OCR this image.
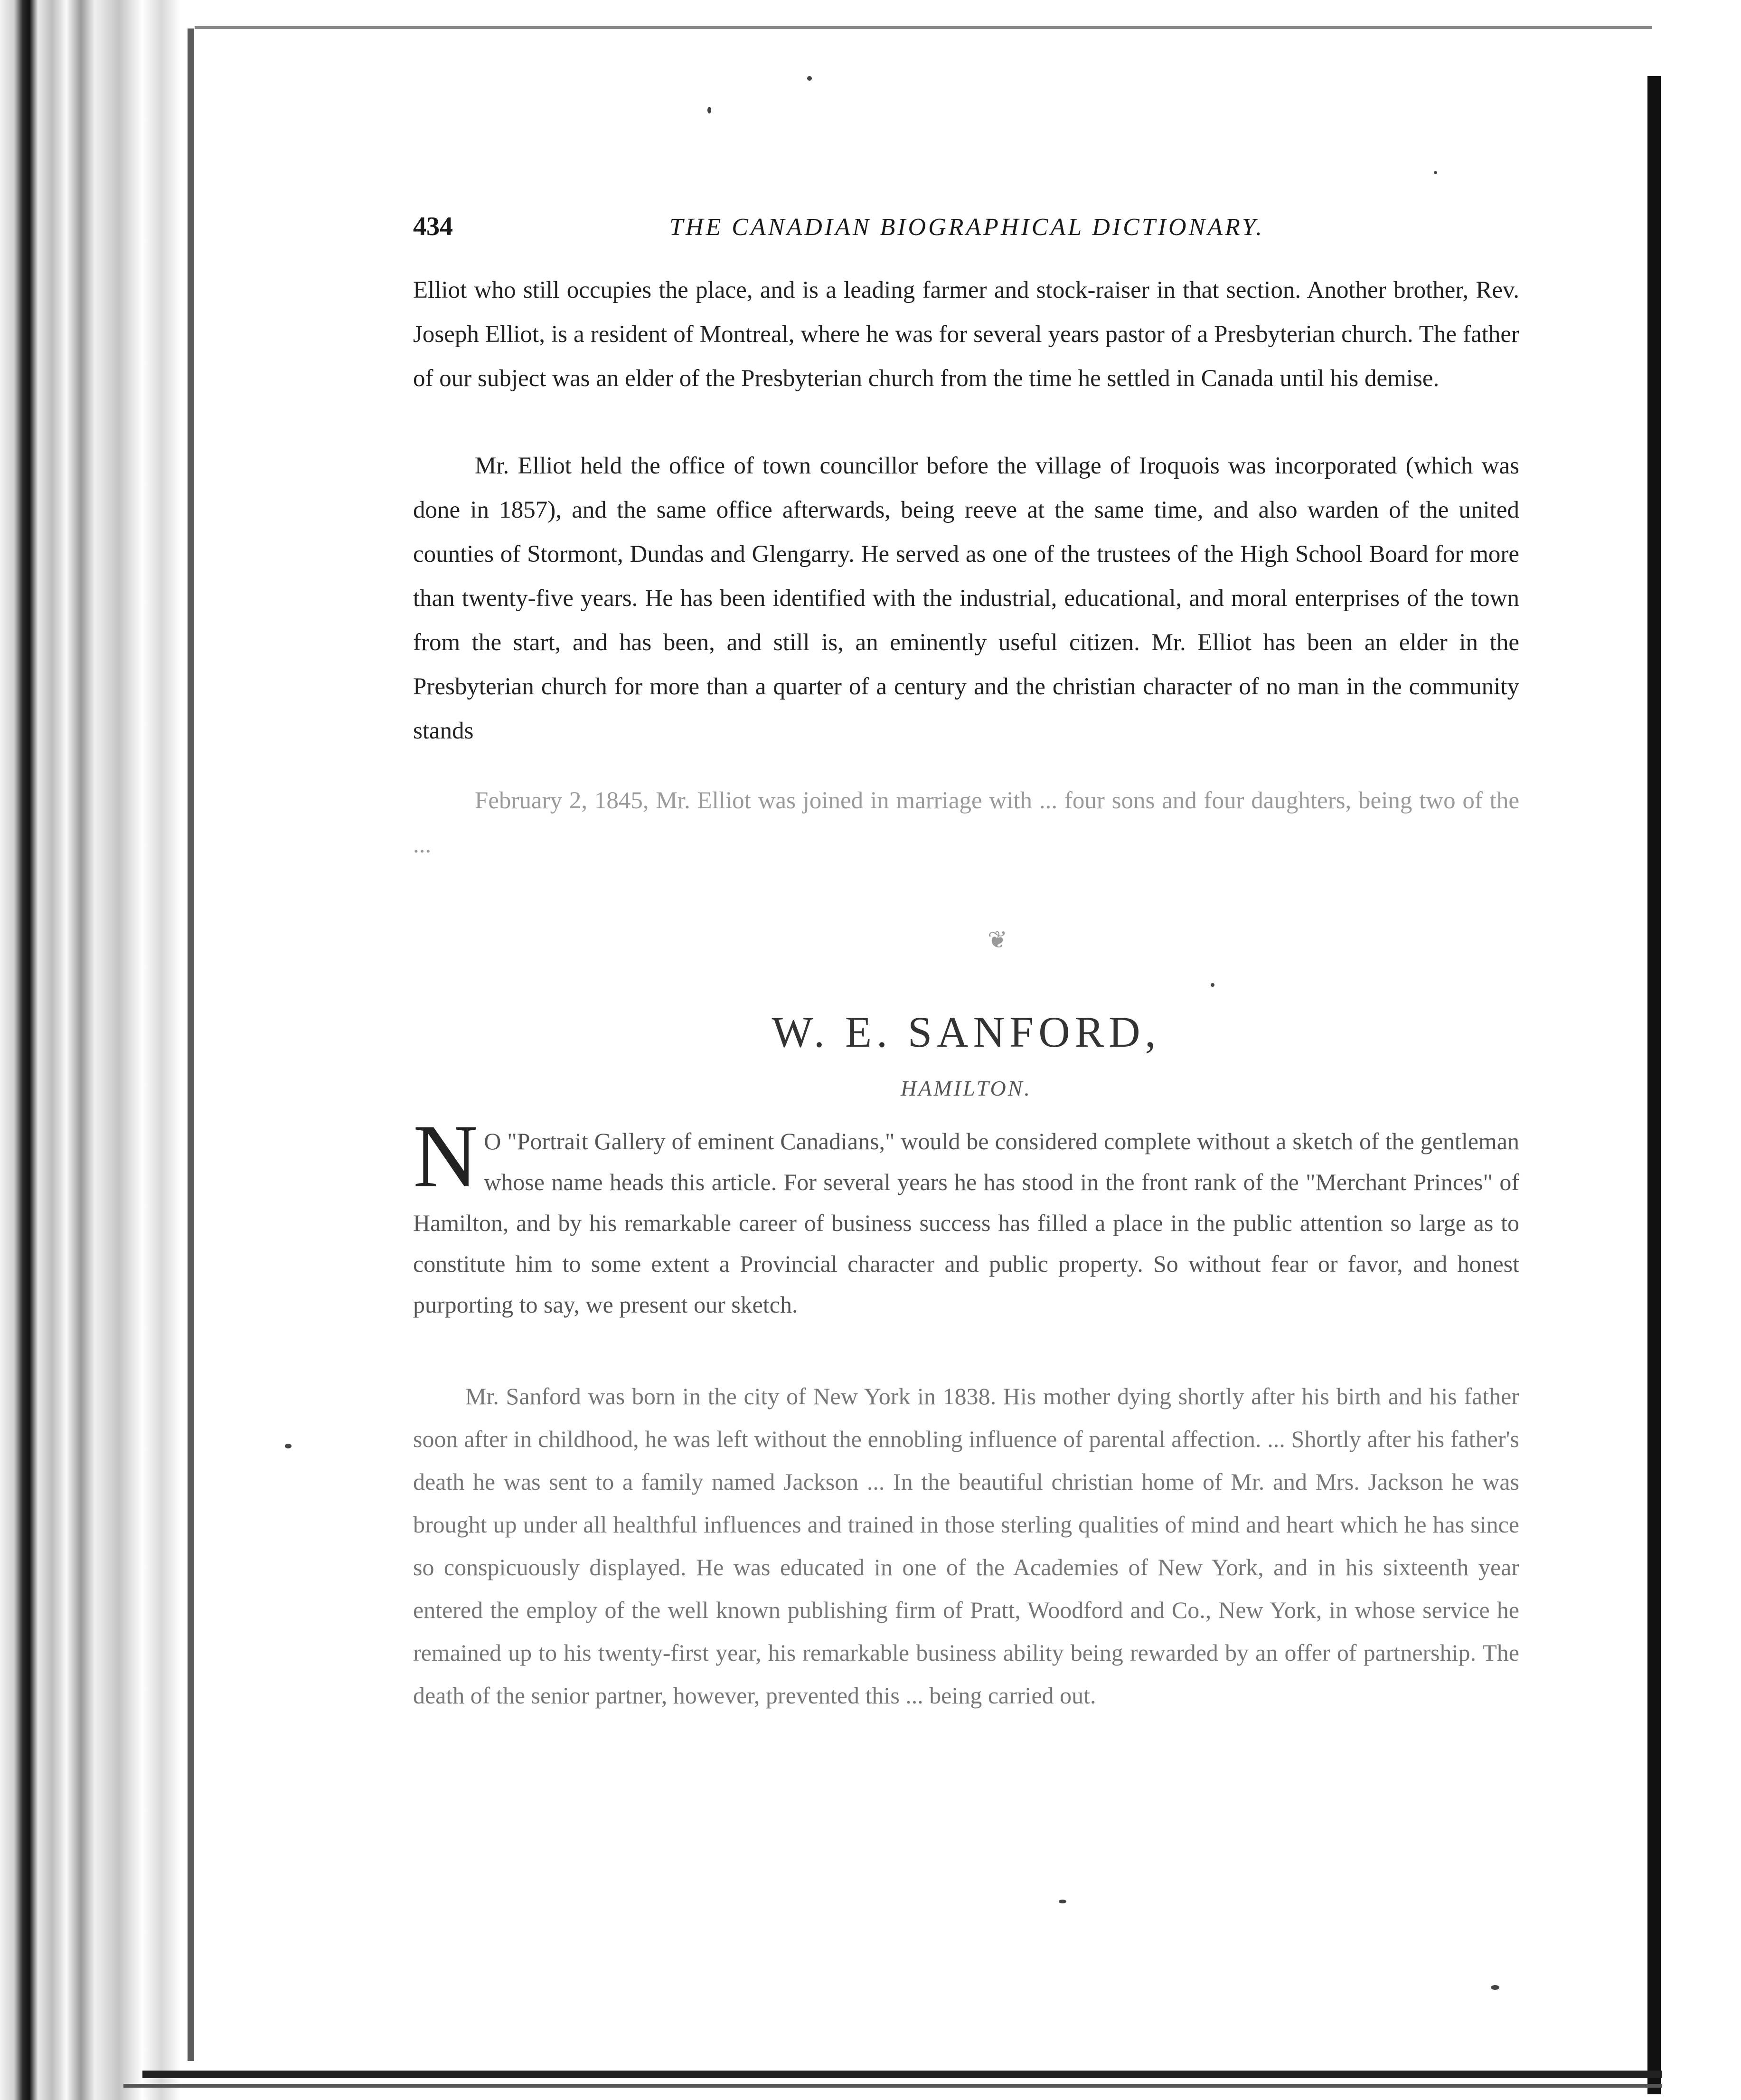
434	THE CANADIAN BIOGRAPHICAL DICTIONARY.

Elliot who still occupies the place, and is a leading farmer and stock-raiser in that section. Another brother, Rev. Joseph Elliot, is a resident of Montreal, where he was for several years pastor of a Presbyterian church. The father of our subject was an elder of the Presbyterian church from the time he settled in Canada until his demise.

Mr. Elliot held the office of town councillor before the village of Iroquois was incorporated (which was done in 1857), and the same office afterwards, being reeve at the same time, and also warden of the united counties of Stormont, Dundas and Glengarry. He served as one of the trustees of the High School Board for more than twenty-five years. He has been identified with the industrial, educational, and moral enterprises of the town from the start, and has been, and still is, an eminently useful citizen. Mr. Elliot has been an elder in the Presbyterian church for more than a quarter of a century and the christian character of no man in the community stands

February 2, 1845, Mr. Elliot was joined in marriage with ... four sons and four daughters, being two of the ...

❦
W. E. SANFORD,
HAMILTON.

N O "Portrait Gallery of eminent Canadians," would be considered complete without a sketch of the gentleman whose name heads this article. For several years he has stood in the front rank of the "Merchant Princes" of Hamilton, and by his remarkable career of business success has filled a place in the public attention so large as to constitute him to some extent a Provincial character and public property. So without fear or favor, and honest purporting to say, we present our sketch.

Mr. Sanford was born in the city of New York in 1838. His mother dying shortly after his birth and his father soon after in childhood, he was left without the ennobling influence of parental affection. ... Shortly after his father's death he was sent to a family named Jackson ... In the beautiful christian home of Mr. and Mrs. Jackson he was brought up under all healthful influences and trained in those sterling qualities of mind and heart which he has since so conspicuously displayed. He was educated in one of the Academies of New York, and in his sixteenth year entered the employ of the well known publishing firm of Pratt, Woodford and Co., New York, in whose service he remained up to his twenty-first year, his remarkable business ability being rewarded by an offer of partnership. The death of the senior partner, however, prevented this ... being carried out.
